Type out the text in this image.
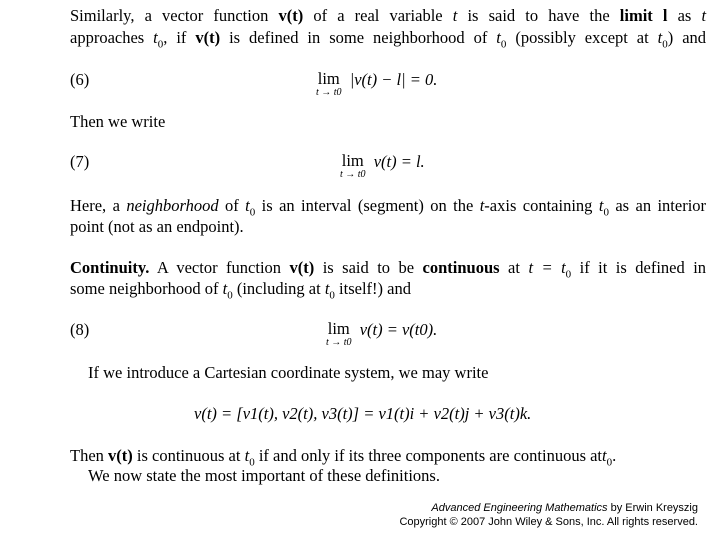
Similarly, a vector function v(t) of a real variable t is said to have the limit l as t
approaches $t_0$, if v(t) is defined in some neighborhood of $t_0$ (possibly except at $t_0$) and
(6)	lim
t → t0
|v(t) − l| = 0.
Then we write
(7)	lim
t → t0
v(t) = l.
Here, a neighborhood of $t_0$ is an interval (segment) on the t-axis containing $t_0$ as an interior
point (not as an endpoint).
Continuity. A vector function v(t) is said to be continuous at $t = t_0$ if it is defined in
some neighborhood of $t_0$ (including at $t_0$ itself!) and
(8)	lim
t → t0
v(t) = v(t0).
If we introduce a Cartesian coordinate system, we may write
v(t) = [v1(t), v2(t), v3(t)] = v1(t)i + v2(t)j + v3(t)k.
Then v(t) is continuous at $t_0$ if and only if its three components are continuous att$_0$.
We now state the most important of these definitions.
Advanced Engineering Mathematics by Erwin Kreyszig
Copyright © 2007 John Wiley & Sons, Inc. All rights reserved.
